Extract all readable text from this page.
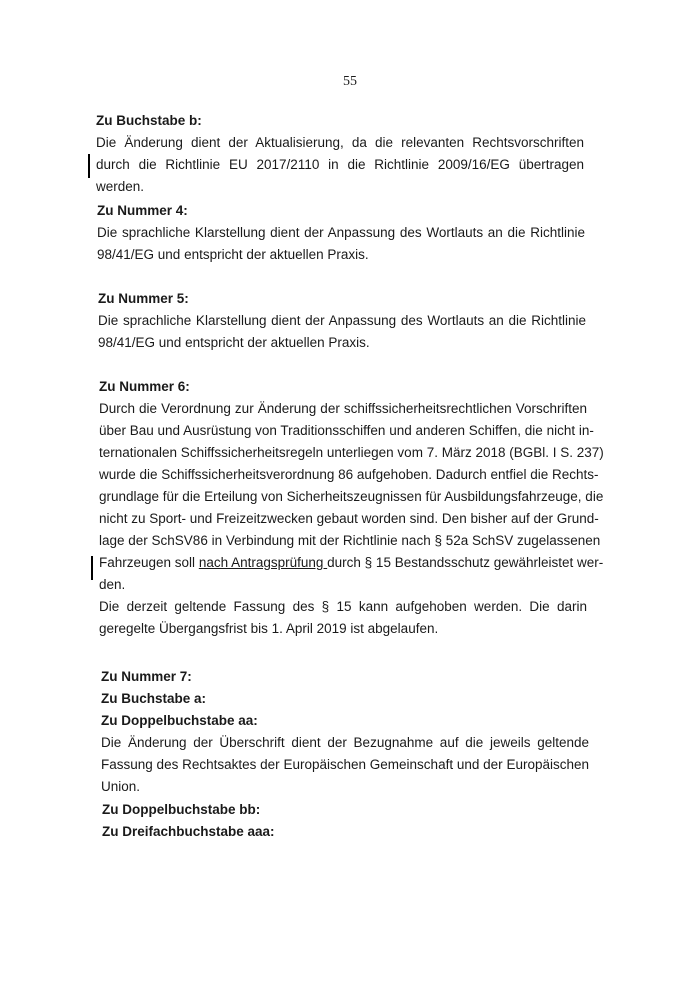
55

Zu Buchstabe b:

Die Änderung dient der Aktualisierung, da die relevanten Rechtsvorschriften durch die Richtlinie EU 2017/2110 in die Richtlinie 2009/16/EG übertragen werden.

Zu Nummer 4:

Die sprachliche Klarstellung dient der Anpassung des Wortlauts an die Richtlinie 98/41/EG und entspricht der aktuellen Praxis.

Zu Nummer 5:

Die sprachliche Klarstellung dient der Anpassung des Wortlauts an die Richtlinie 98/41/EG und entspricht der aktuellen Praxis.

Zu Nummer 6:

Durch die Verordnung zur Änderung der schiffssicherheitsrechtlichen Vorschriften

über Bau und Ausrüstung von Traditionsschiffen und anderen Schiffen, die nicht in-

ternationalen Schiffssicherheitsregeln unterliegen vom 7. März 2018 (BGBl. I S. 237)

wurde die Schiffssicherheitsverordnung 86 aufgehoben. Dadurch entfiel die Rechts-

grundlage für die Erteilung von Sicherheitszeugnissen für Ausbildungsfahrzeuge, die

nicht zu Sport- und Freizeitzwecken gebaut worden sind. Den bisher auf der Grund-

lage der SchSV86 in Verbindung mit der Richtlinie nach § 52a SchSV zugelassenen

Fahrzeugen soll nach Antragsprüfung durch § 15 Bestandsschutz gewährleistet wer-

den.

Die derzeit geltende Fassung des § 15 kann aufgehoben werden. Die darin geregelte Übergangsfrist bis 1. April 2019 ist abgelaufen.

Zu Nummer 7:

Zu Buchstabe a:

Zu Doppelbuchstabe aa:

Die Änderung der Überschrift dient der Bezugnahme auf die jeweils geltende Fassung des Rechtsaktes der Europäischen Gemeinschaft und der Europäischen Union.

Zu Doppelbuchstabe bb:

Zu Dreifachbuchstabe aaa:
